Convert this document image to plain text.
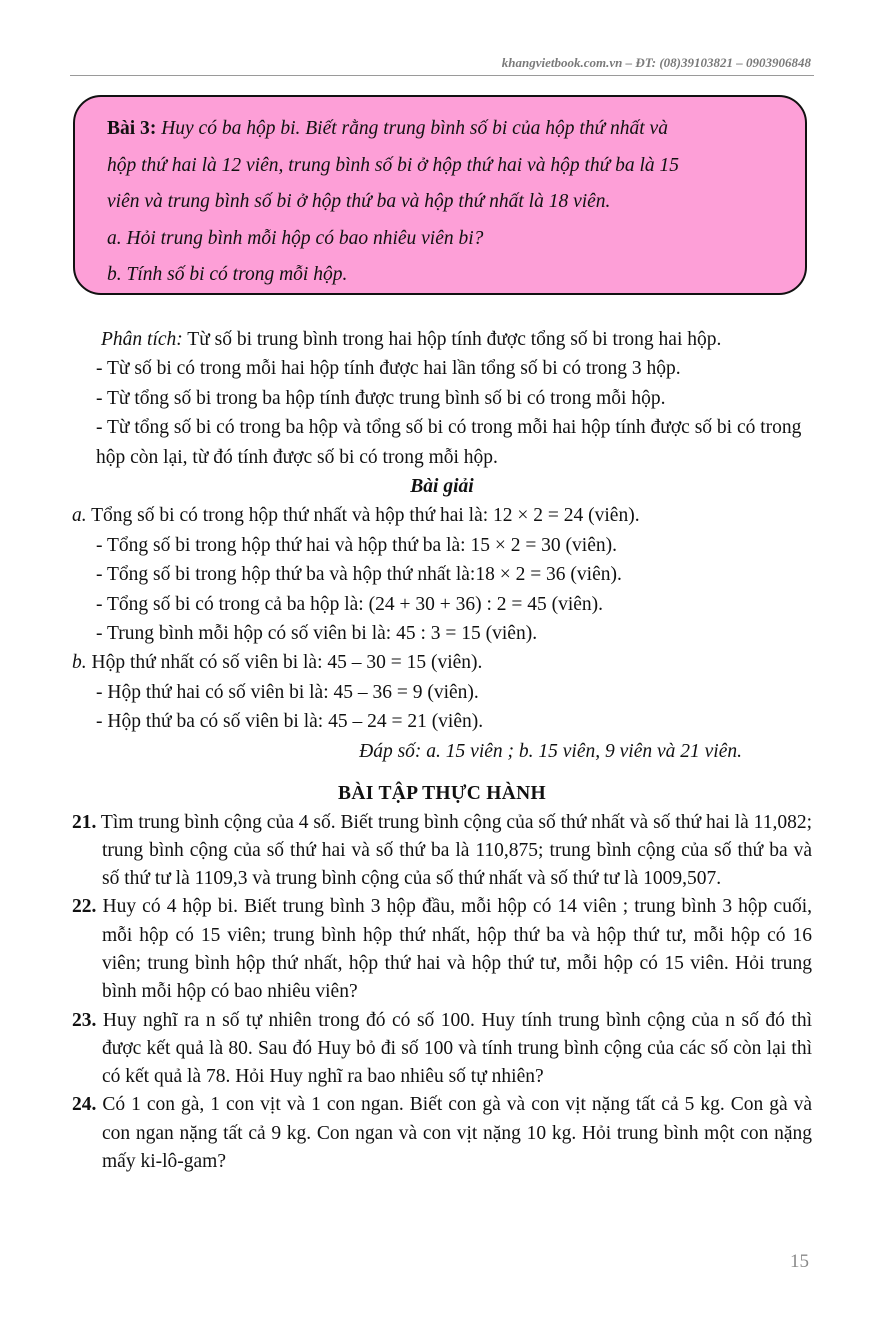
khangvietbook.com.vn – ĐT: (08)39103821 – 0903906848

Bài 3: Huy có ba hộp bi. Biết rằng trung bình số bi của hộp thứ nhất và

hộp thứ hai là 12 viên, trung bình số bi ở hộp thứ hai và hộp thứ ba là 15

viên và trung bình số bi ở hộp thứ ba và hộp thứ nhất là 18 viên.

a. Hỏi trung bình mỗi hộp có bao nhiêu viên bi?

b. Tính số bi có trong mỗi hộp.

Phân tích: Từ số bi trung bình trong hai hộp tính được tổng số bi trong hai hộp.

- Từ số bi có trong mỗi hai hộp tính được hai lần tổng số bi có trong 3 hộp.

- Từ tổng số bi trong ba hộp tính được trung bình số bi có trong mỗi hộp.

- Từ tổng số bi có trong ba hộp và tổng số bi có trong mỗi hai hộp tính được số bi có trong hộp còn lại, từ đó tính được số bi có trong mỗi hộp.

Bài giải

a. Tổng số bi có trong hộp thứ nhất và hộp thứ hai là: 12 × 2 = 24 (viên).

- Tổng số bi trong hộp thứ hai và hộp thứ ba là: 15 × 2 = 30 (viên).

- Tổng số bi trong hộp thứ ba và hộp thứ nhất là:18 × 2 = 36 (viên).

- Tổng số bi có trong cả ba hộp là: (24 + 30 + 36) : 2 = 45 (viên).

- Trung bình mỗi hộp có số viên bi là: 45 : 3 = 15 (viên).

b. Hộp thứ nhất có số viên bi là: 45 – 30 = 15 (viên).

- Hộp thứ hai có số viên bi là: 45 – 36 = 9 (viên).

- Hộp thứ ba có số viên bi là: 45 – 24 = 21 (viên).

Đáp số: a. 15 viên ; b. 15 viên, 9 viên và 21 viên.

BÀI TẬP THỰC HÀNH

21. Tìm trung bình cộng của 4 số. Biết trung bình cộng của số thứ nhất và số thứ hai là 11,082; trung bình cộng của số thứ hai và số thứ ba là 110,875; trung bình cộng của số thứ ba và số thứ tư là 1109,3 và trung bình cộng của số thứ nhất và số thứ tư là 1009,507.

22. Huy có 4 hộp bi. Biết trung bình 3 hộp đầu, mỗi hộp có 14 viên ; trung bình 3 hộp cuối, mỗi hộp có 15 viên; trung bình hộp thứ nhất, hộp thứ ba và hộp thứ tư, mỗi hộp có 16 viên; trung bình hộp thứ nhất, hộp thứ hai và hộp thứ tư, mỗi hộp có 15 viên. Hỏi trung bình mỗi hộp có bao nhiêu viên?

23. Huy nghĩ ra n số tự nhiên trong đó có số 100. Huy tính trung bình cộng của n số đó thì được kết quả là 80. Sau đó Huy bỏ đi số 100 và tính trung bình cộng của các số còn lại thì có kết quả là 78. Hỏi Huy nghĩ ra bao nhiêu số tự nhiên?

24. Có 1 con gà, 1 con vịt và 1 con ngan. Biết con gà và con vịt nặng tất cả 5 kg. Con gà và con ngan nặng tất cả 9 kg. Con ngan và con vịt nặng 10 kg. Hỏi trung bình một con nặng mấy ki-lô-gam?

15
